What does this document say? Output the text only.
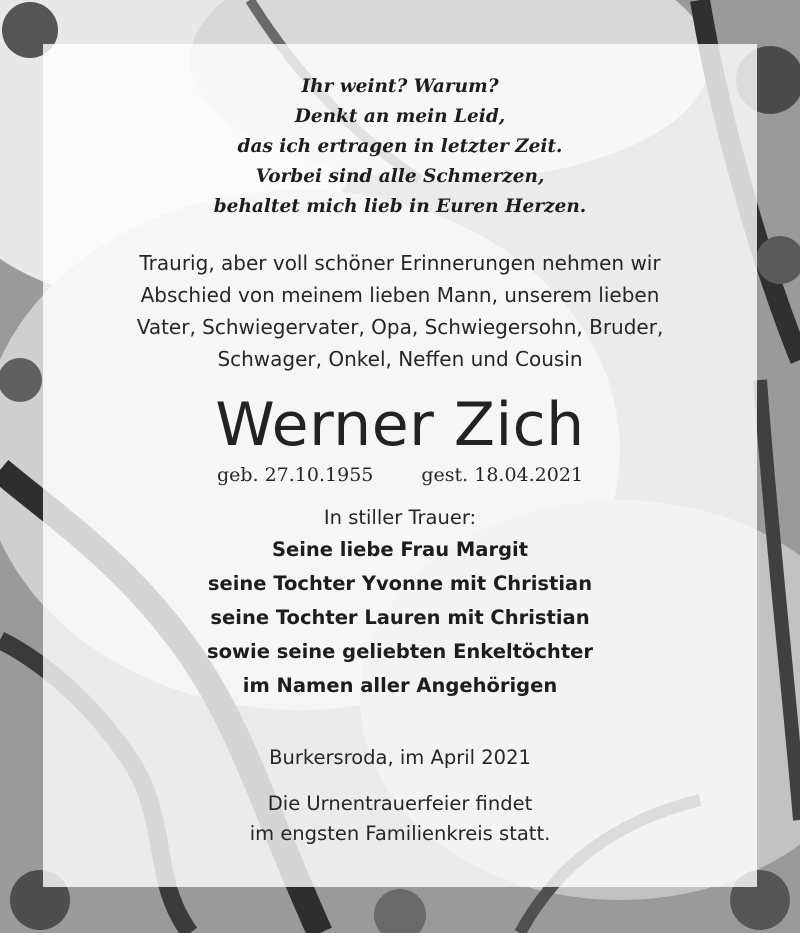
Ihr weint? Warum?
Denkt an mein Leid,
das ich ertragen in letzter Zeit.
Vorbei sind alle Schmerzen,
behaltet mich lieb in Euren Herzen.
Traurig, aber voll schöner Erinnerungen nehmen wir
Abschied von meinem lieben Mann, unserem lieben
Vater, Schwiegervater, Opa, Schwiegersohn, Bruder,
Schwager, Onkel, Neffen und Cousin
Werner Zich
geb. 27.10.1955	gest. 18.04.2021
In stiller Trauer:
Seine liebe Frau Margit
seine Tochter Yvonne mit Christian
seine Tochter Lauren mit Christian
sowie seine geliebten Enkeltöchter
im Namen aller Angehörigen
Burkersroda, im April 2021
Die Urnentrauerfeier findet
im engsten Familienkreis statt.
